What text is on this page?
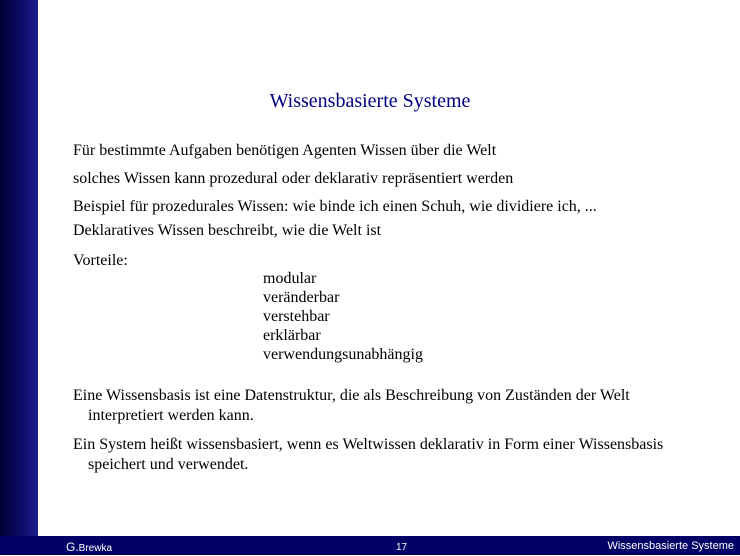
Wissensbasierte Systeme

Für bestimmte Aufgaben benötigen Agenten Wissen über die Welt

solches Wissen kann prozedural oder deklarativ repräsentiert werden

Beispiel für prozedurales Wissen: wie binde ich einen Schuh, wie dividiere ich, ...

Deklaratives Wissen beschreibt, wie die Welt ist

Vorteile:

modular
veränderbar
verstehbar
erklärbar
verwendungsunabhängig

Eine Wissensbasis ist eine Datenstruktur, die als Beschreibung von Zuständen der Welt interpretiert werden kann.

Ein System heißt wissensbasiert, wenn es Weltwissen deklarativ in Form einer Wissensbasis speichert und verwendet.

G.Brewka	17	Wissensbasierte Systeme
